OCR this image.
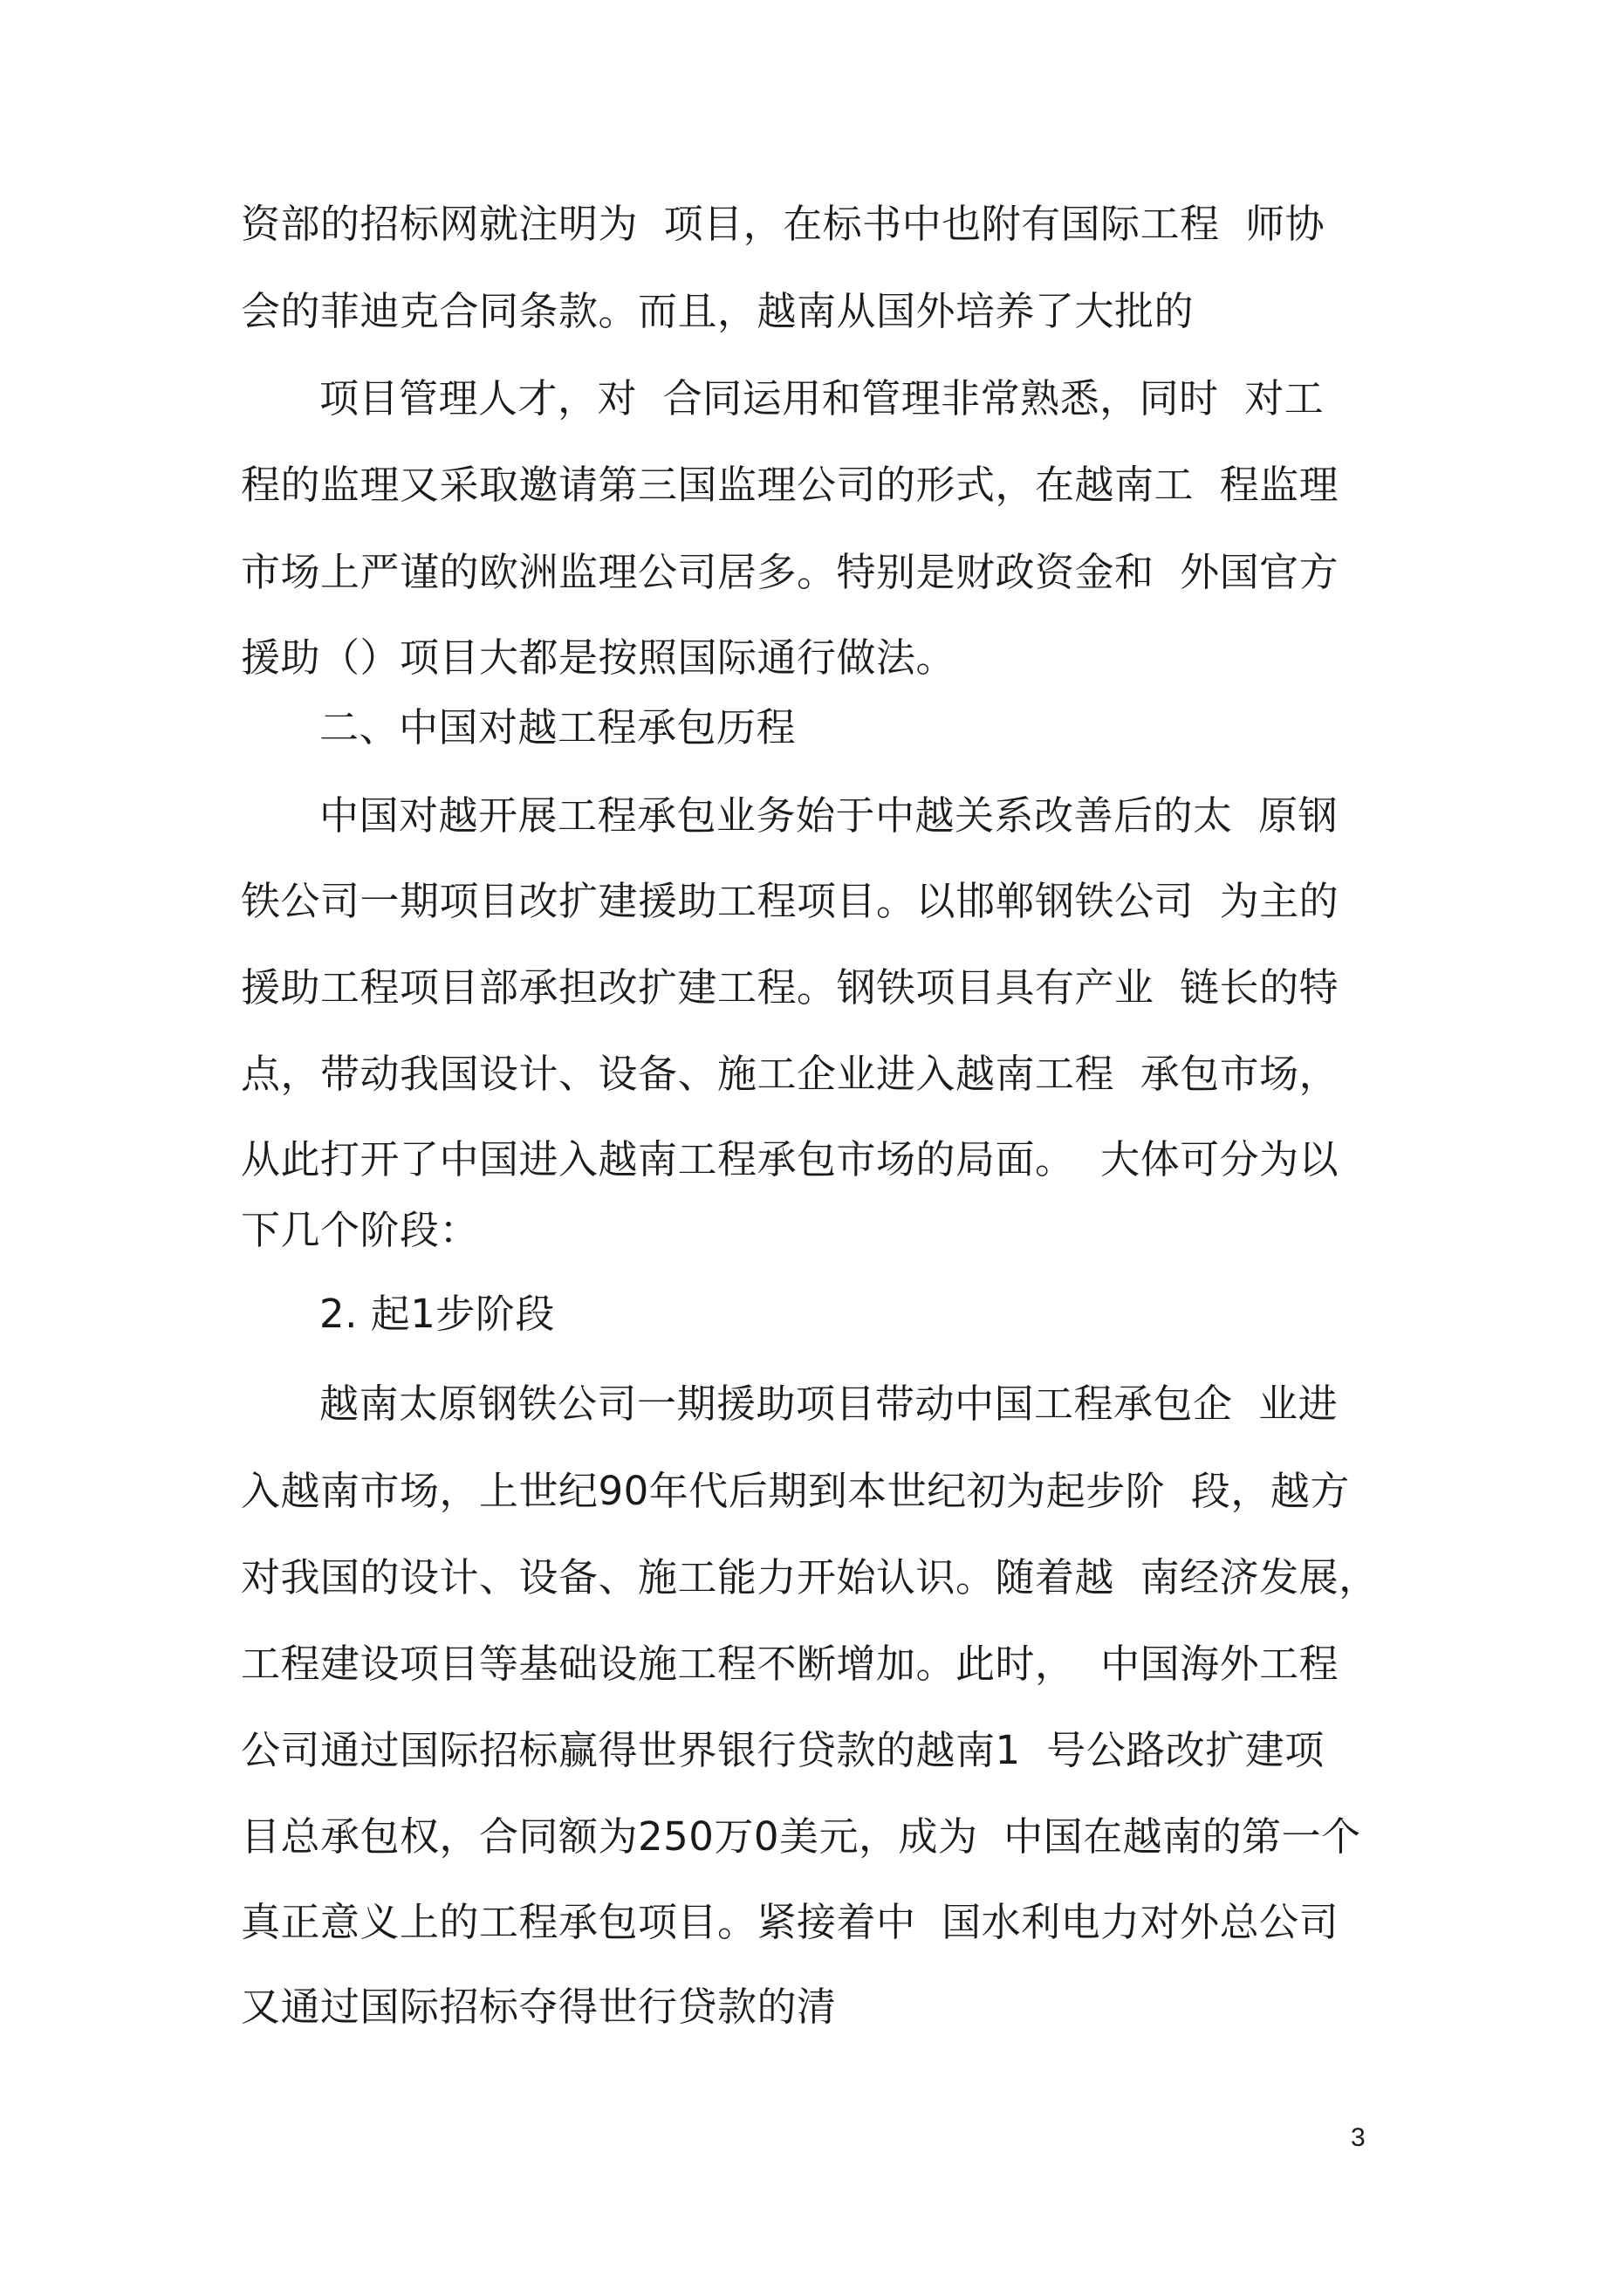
资部的招标网就注明为  项目，在标书中也附有国际工程  师协
会的菲迪克合同条款。而且，越南从国外培养了大批的
项目管理人才，对  合同运用和管理非常熟悉，同时  对工
程的监理又采取邀请第三国监理公司的形式，在越南工  程监理
市场上严谨的欧洲监理公司居多。特别是财政资金和  外国官方
援助（）项目大都是按照国际通行做法。
二、中国对越工程承包历程
中国对越开展工程承包业务始于中越关系改善后的太  原钢
铁公司一期项目改扩建援助工程项目。以邯郸钢铁公司  为主的
援助工程项目部承担改扩建工程。钢铁项目具有产业  链长的特
点，带动我国设计、设备、施工企业进入越南工程  承包市场，
从此打开了中国进入越南工程承包市场的局面。  大体可分为以
下几个阶段：
2. 起1步阶段
越南太原钢铁公司一期援助项目带动中国工程承包企  业进
入越南市场，上世纪90年代后期到本世纪初为起步阶  段，越方
对我国的设计、设备、施工能力开始认识。随着越  南经济发展，
工程建设项目等基础设施工程不断增加。此时，  中国海外工程
公司通过国际招标赢得世界银行贷款的越南1  号公路改扩建项
目总承包权，合同额为250万0美元，成为  中国在越南的第一个
真正意义上的工程承包项目。紧接着中  国水利电力对外总公司
又通过国际招标夺得世行贷款的清
3
